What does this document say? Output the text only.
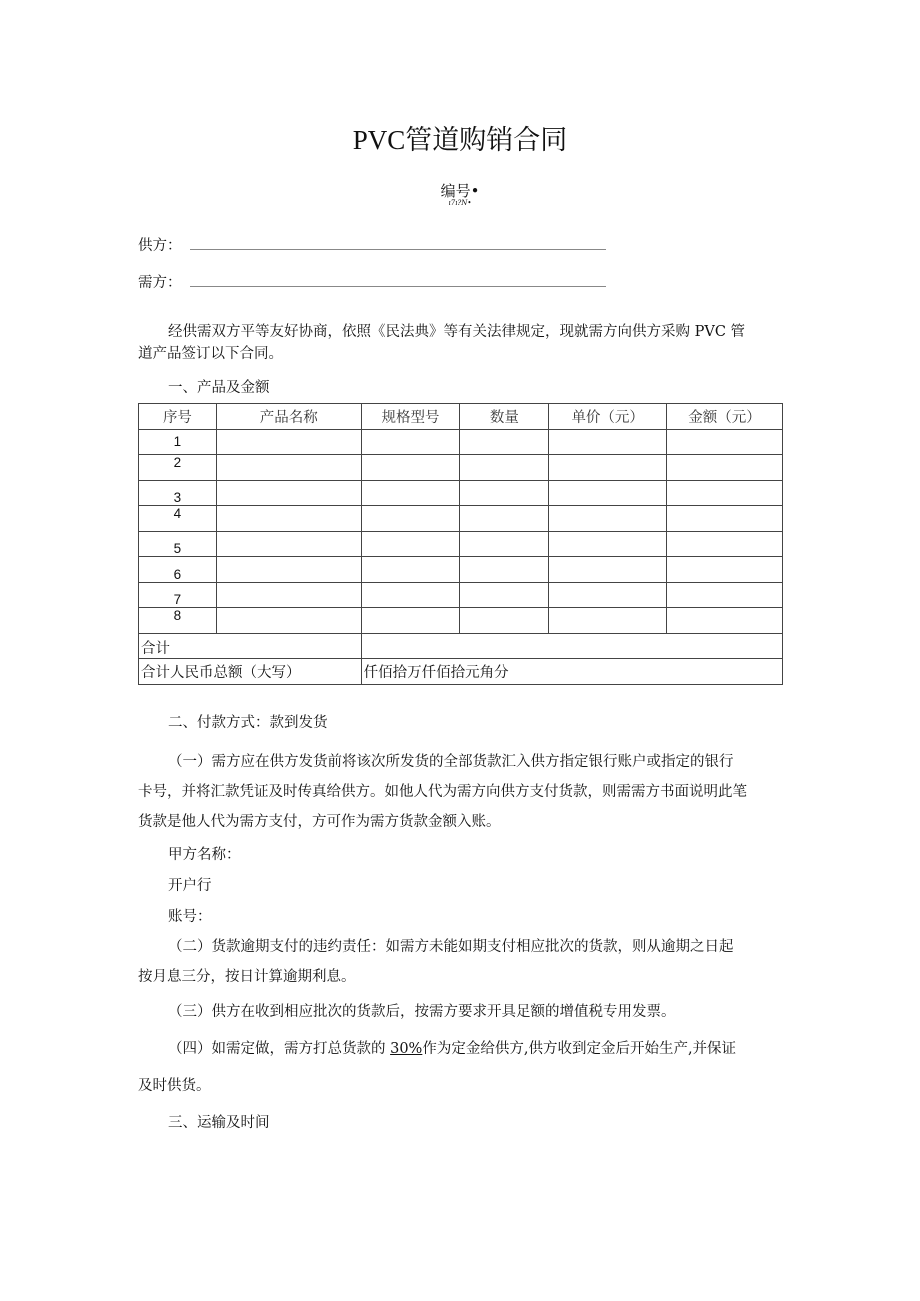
PVC管道购销合同
编号•
ı7ı?Ν•
供方：
需方：
经供需双方平等友好协商，依照《民法典》等有关法律规定，现就需方向供方采购 PVC 管
道产品签订以下合同。
一、产品及金额
序号	产品名称	规格型号	数量	单价（元）	金额（元）
1					
2					
3					
4					
5					
6					
7					
8					
合计					
合计人民币总额（大写）		仟佰拾万仟佰拾元角分			
二、付款方式：款到发货
（一）需方应在供方发货前将该次所发货的全部货款汇入供方指定银行账户或指定的银行
卡号，并将汇款凭证及时传真给供方。如他人代为需方向供方支付货款，则需需方书面说明此笔
货款是他人代为需方支付，方可作为需方货款金额入账。
甲方名称：
开户行
账号：
（二）货款逾期支付的违约责任：如需方未能如期支付相应批次的货款，则从逾期之日起
按月息三分，按日计算逾期利息。
（三）供方在收到相应批次的货款后，按需方要求开具足额的增值税专用发票。
（四）如需定做，需方打总货款的 30%作为定金给供方,供方收到定金后开始生产,并保证
及时供货。
三、运输及时间
